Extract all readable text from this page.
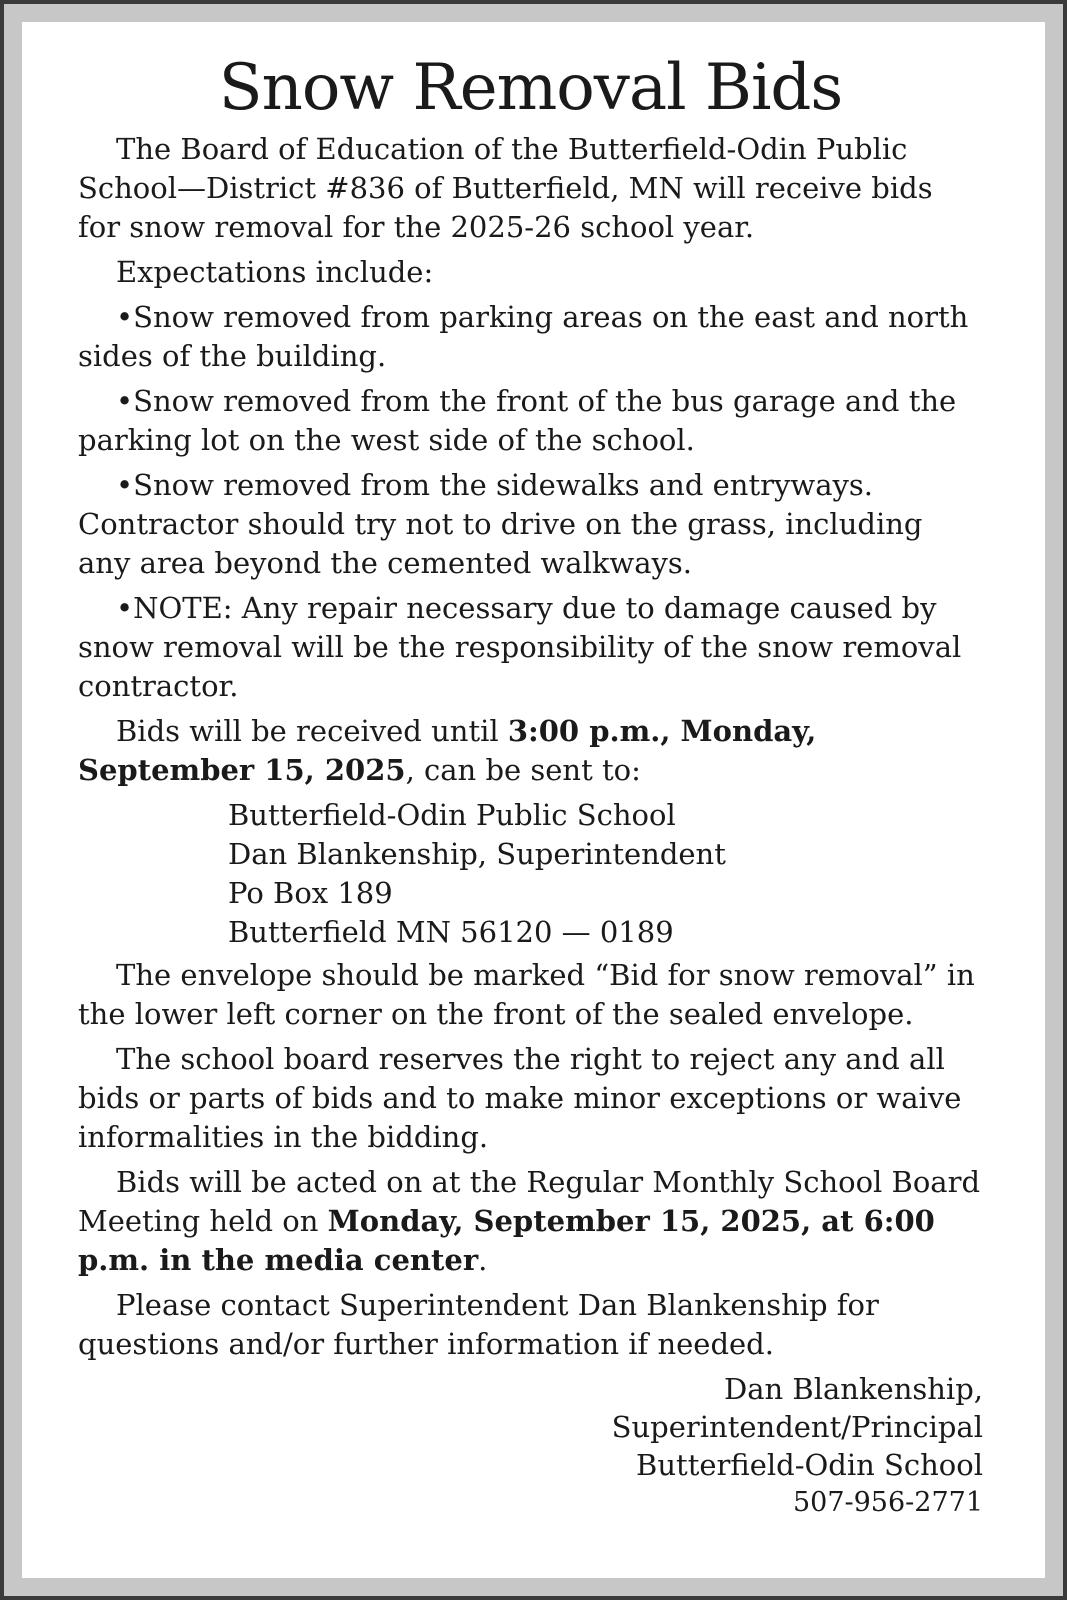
Snow Removal Bids

The Board of Education of the Butterfield-Odin Public School—District #836 of Butterfield, MN will receive bids for snow removal for the 2025-26 school year.

Expectations include:

•Snow removed from parking areas on the east and north sides of the building.

•Snow removed from the front of the bus garage and the parking lot on the west side of the school.

•Snow removed from the sidewalks and entryways. Contractor should try not to drive on the grass, including any area beyond the cemented walkways.

•NOTE: Any repair necessary due to damage caused by snow removal will be the responsibility of the snow removal contractor.

Bids will be received until 3:00 p.m., Monday, September 15, 2025, can be sent to:

Butterfield-Odin Public School
Dan Blankenship, Superintendent
Po Box 189
Butterfield MN 56120 — 0189

The envelope should be marked “Bid for snow removal” in the lower left corner on the front of the sealed envelope.

The school board reserves the right to reject any and all bids or parts of bids and to make minor exceptions or waive informalities in the bidding.

Bids will be acted on at the Regular Monthly School Board Meeting held on Monday, September 15, 2025, at 6:00 p.m. in the media center.

Please contact Superintendent Dan Blankenship for questions and/or further information if needed.

Dan Blankenship,
Superintendent/Principal
Butterfield-Odin School
507-956-2771
